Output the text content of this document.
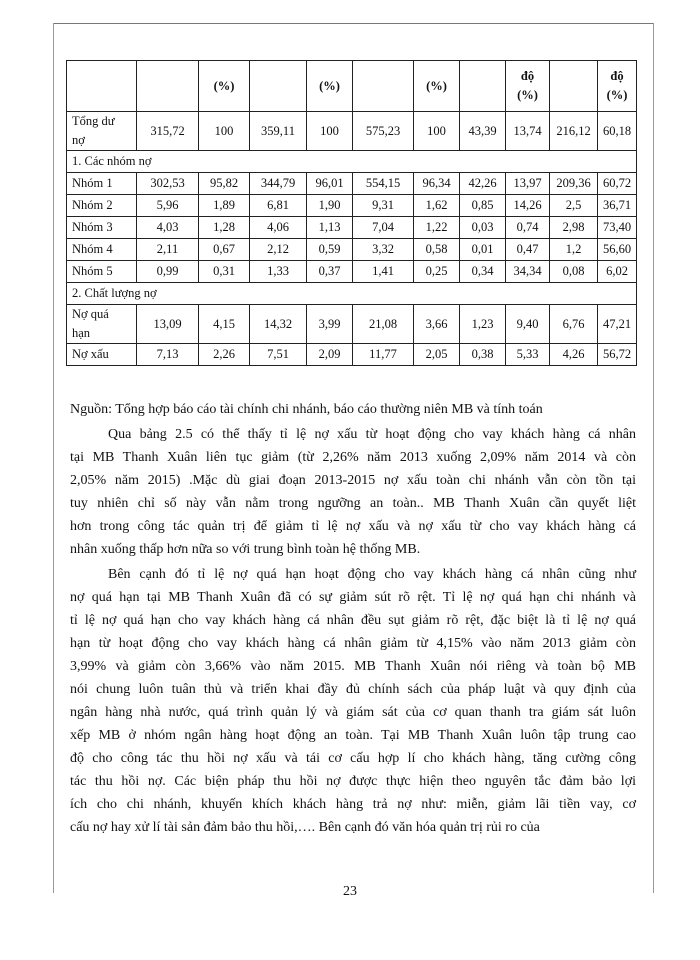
		(%)		(%)		(%)		độ
(%)		độ
(%)

Tổng dư
nợ	315,72	100	359,11	100	575,23	100	43,39	13,74	216,12	60,18
1. Các nhóm nợ										
Nhóm 1	302,53	95,82	344,79	96,01	554,15	96,34	42,26	13,97	209,36	60,72
Nhóm 2	5,96	1,89	6,81	1,90	9,31	1,62	0,85	14,26	2,5	36,71
Nhóm 3	4,03	1,28	4,06	1,13	7,04	1,22	0,03	0,74	2,98	73,40
Nhóm 4	2,11	0,67	2,12	0,59	3,32	0,58	0,01	0,47	1,2	56,60
Nhóm 5	0,99	0,31	1,33	0,37	1,41	0,25	0,34	34,34	0,08	6,02
2. Chất lượng nợ										

Nợ quá
hạn	13,09	4,15	14,32	3,99	21,08	3,66	1,23	9,40	6,76	47,21
Nợ xấu	7,13	2,26	7,51	2,09	11,77	2,05	0,38	5,33	4,26	56,72
Nguồn: Tổng hợp báo cáo tài chính chi nhánh, báo cáo thường niên MB và tính toán
Qua bảng 2.5 có thể thấy tỉ lệ nợ xấu từ hoạt động cho vay khách hàng cá nhân
tại MB Thanh Xuân liên tục giảm (từ 2,26% năm 2013 xuống 2,09% năm 2014 và còn
2,05% năm 2015) .Mặc dù giai đoạn 2013-2015 nợ xấu toàn chi nhánh vẫn còn tồn tại
tuy nhiên chỉ số này vẫn nằm trong ngưỡng an toàn.. MB Thanh Xuân cần quyết liệt
hơn trong công tác quản trị để giảm tỉ lệ nợ xấu và nợ xấu từ cho vay khách hàng cá
nhân xuống thấp hơn nữa so với trung bình toàn hệ thống MB.
Bên cạnh đó tỉ lệ nợ quá hạn hoạt động cho vay khách hàng cá nhân cũng như
nợ quá hạn tại MB Thanh Xuân đã có sự giảm sút rõ rệt. Tỉ lệ nợ quá hạn chi nhánh và
tỉ lệ nợ quá hạn cho vay khách hàng cá nhân đều sụt giảm rõ rệt, đặc biệt là tỉ lệ nợ quá
hạn từ hoạt động cho vay khách hàng cá nhân giảm từ 4,15% vào năm 2013 giảm còn
3,99% và giảm còn 3,66% vào năm 2015. MB Thanh Xuân nói riêng và toàn bộ MB
nói chung luôn tuân thủ và triển khai đầy đủ chính sách của pháp luật và quy định của
ngân hàng nhà nước, quá trình quản lý và giám sát của cơ quan thanh tra giám sát luôn
xếp MB ở nhóm ngân hàng hoạt động an toàn. Tại MB Thanh Xuân luôn tập trung cao
độ cho công tác thu hồi nợ xấu và tái cơ cấu hợp lí cho khách hàng, tăng cường công
tác thu hồi nợ. Các biện pháp thu hồi nợ được thực hiện theo nguyên tắc đảm bảo lợi
ích cho chi nhánh, khuyến khích khách hàng trả nợ như: miễn, giảm lãi tiền vay, cơ
cấu nợ hay xử lí tài sản đảm bảo thu hồi,…. Bên cạnh đó văn hóa quản trị rủi ro của
23
